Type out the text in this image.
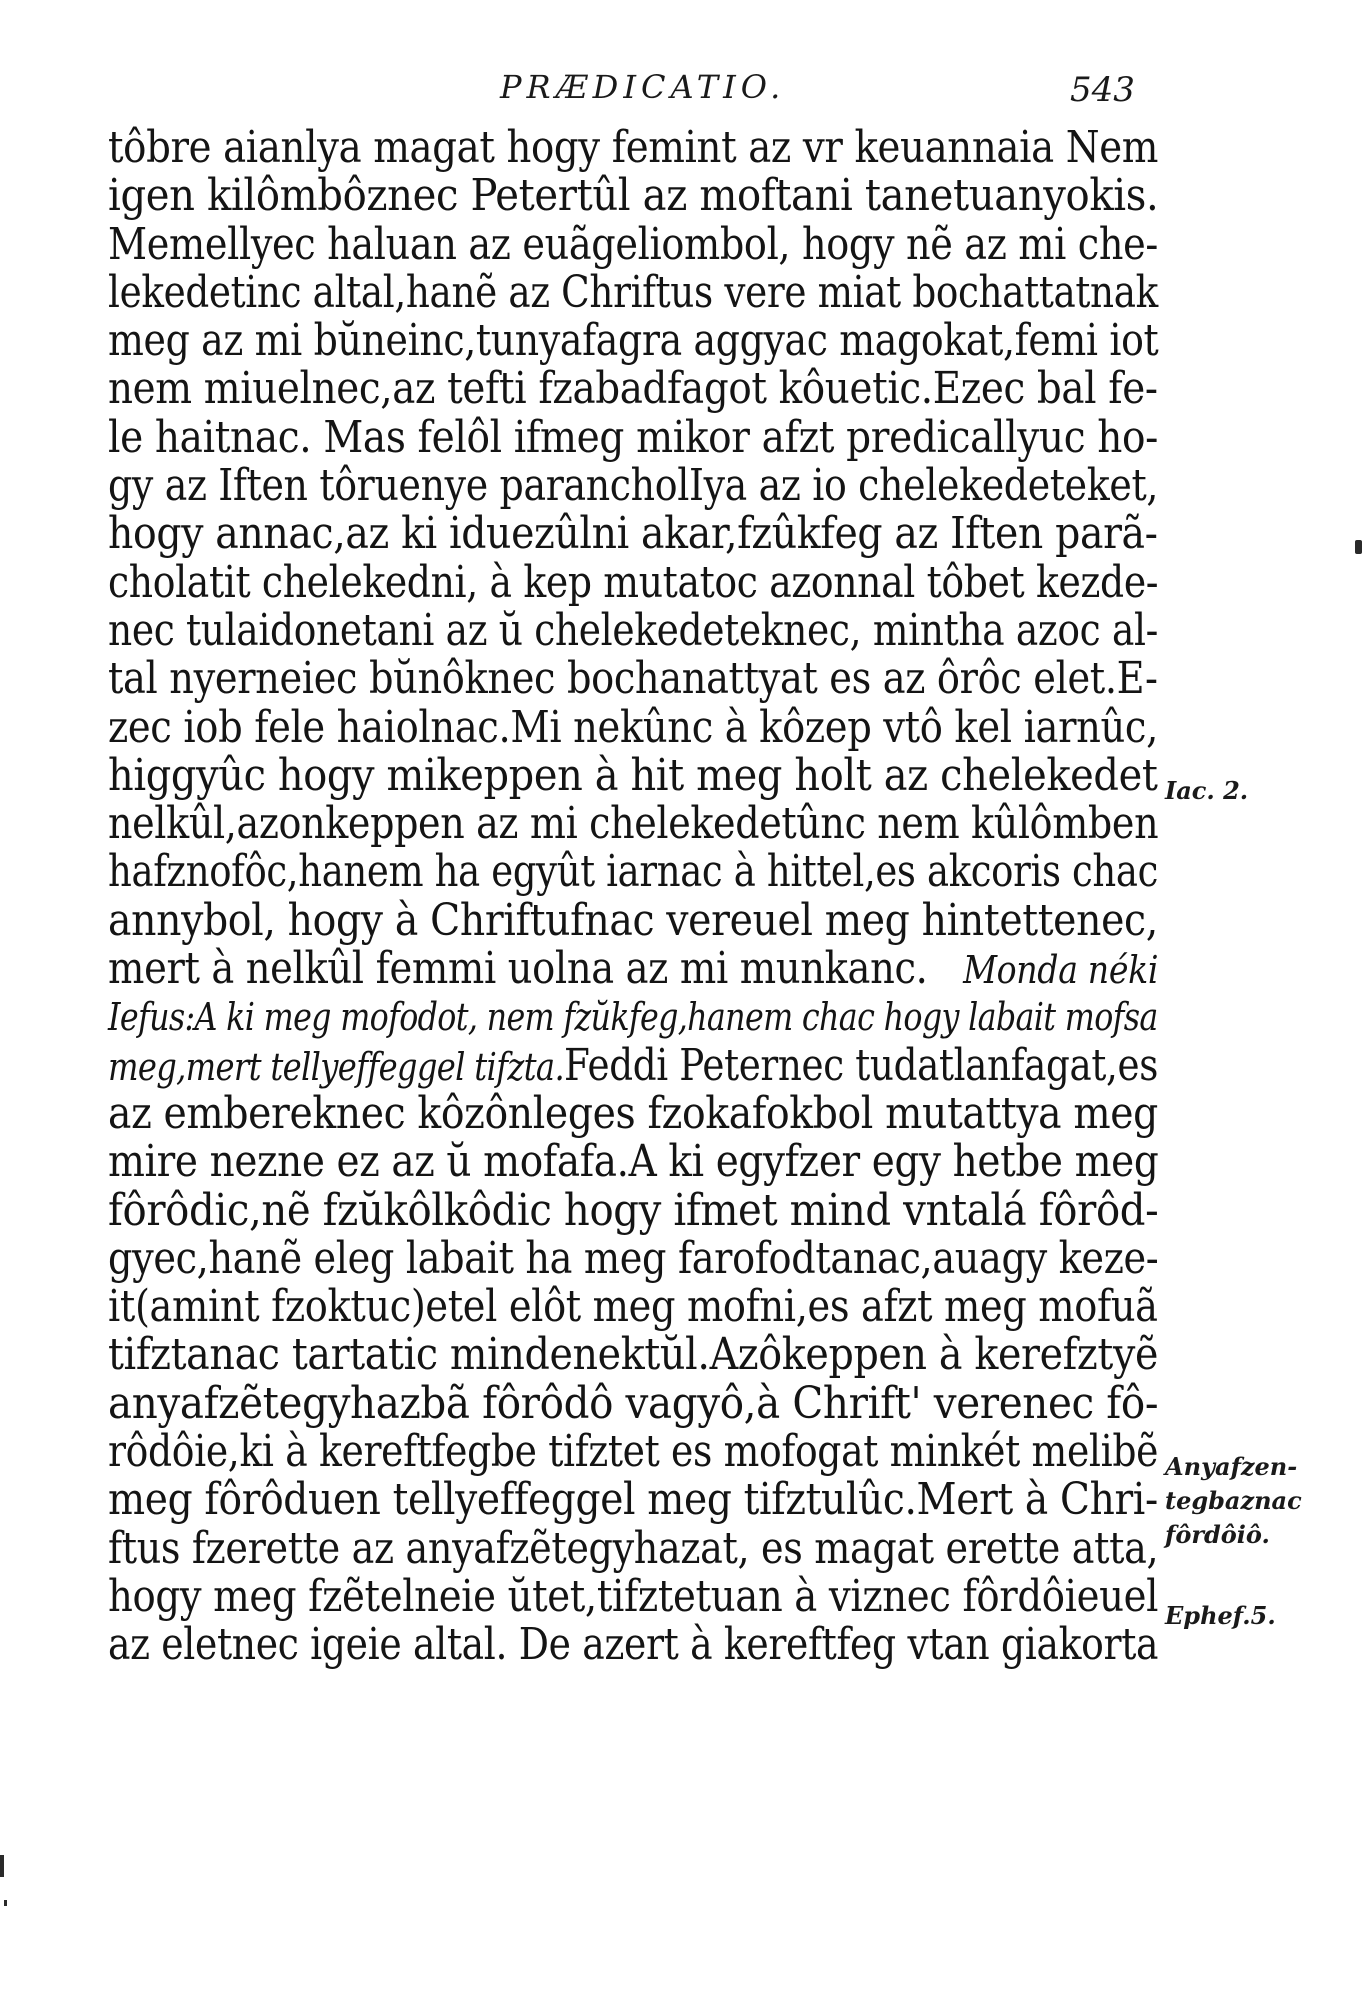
PRÆDICATIO.	543
tôbre aianlya magat hogy femint az vr keuannaia Nem
igen kilômbôznec Petertûl az moftani tanetuanyokis.
Memellyec haluan az euãgeliombol, hogy nẽ az mi che-
lekedetinc altal,hanẽ az Chriftus vere miat bochattatnak
meg az mi bŭneinc,tunyafagra aggyac magokat,femi iot
nem miuelnec,az tefti fzabadfagot kôuetic.Ezec bal fe-
le haitnac. Mas felôl ifmeg mikor afzt predicallyuc ho-
gy az Iften tôruenye parancholIya az io chelekedeteket,
hogy annac,az ki iduezûlni akar,fzûkfeg az Iften parã-
cholatit chelekedni, à kep mutatoc azonnal tôbet kezde-
nec tulaidonetani az ŭ chelekedeteknec, mintha azoc al-
tal nyerneiec bŭnôknec bochanattyat es az ôrôc elet.E-
zec iob fele haiolnac.Mi nekûnc à kôzep vtô kel iarnûc,
higgyûc hogy mikeppen à hit meg holt az chelekedet
nelkûl,azonkeppen az mi chelekedetûnc nem kûlômben
hafznofôc,hanem ha egyût iarnac à hittel,es akcoris chac
annybol, hogy à Chriftufnac vereuel meg hintettenec,
mert à nelkûl femmi uolna az mi munkanc. Monda néki
Iefus:A ki meg mofodot, nem fzŭkfeg,hanem chac hogy labait mofsa
meg,mert tellyeffeggel tifzta.Feddi Peternec tudatlanfagat,es
az embereknec kôzônleges fzokafokbol mutattya meg
mire nezne ez az ŭ mofafa.A ki egyfzer egy hetbe meg
fôrôdic,nẽ fzŭkôlkôdic hogy ifmet mind vntalá fôrôd-
gyec,hanẽ eleg labait ha meg farofodtanac,auagy keze-
it(amint fzoktuc)etel elôt meg mofni,es afzt meg mofuã
tifztanac tartatic mindenektŭl.Azôkeppen à kerefztyẽ
anyafzẽtegyhazbã fôrôdô vagyô,à Chrift' verenec fô-
rôdôie,ki à kereftfegbe tifztet es mofogat minkét melibẽ
meg fôrôduen tellyeffeggel meg tifztulûc.Mert à Chri-
ftus fzerette az anyafzẽtegyhazat, es magat erette atta,
hogy meg fzẽtelneie ŭtet,tifztetuan à viznec fôrdôieuel
az eletnec igeie altal. De azert à kereftfeg vtan giakorta
Iac. 2.
Anyafzen-
tegbaznac
fôrdôiô.
Ephef.5.
